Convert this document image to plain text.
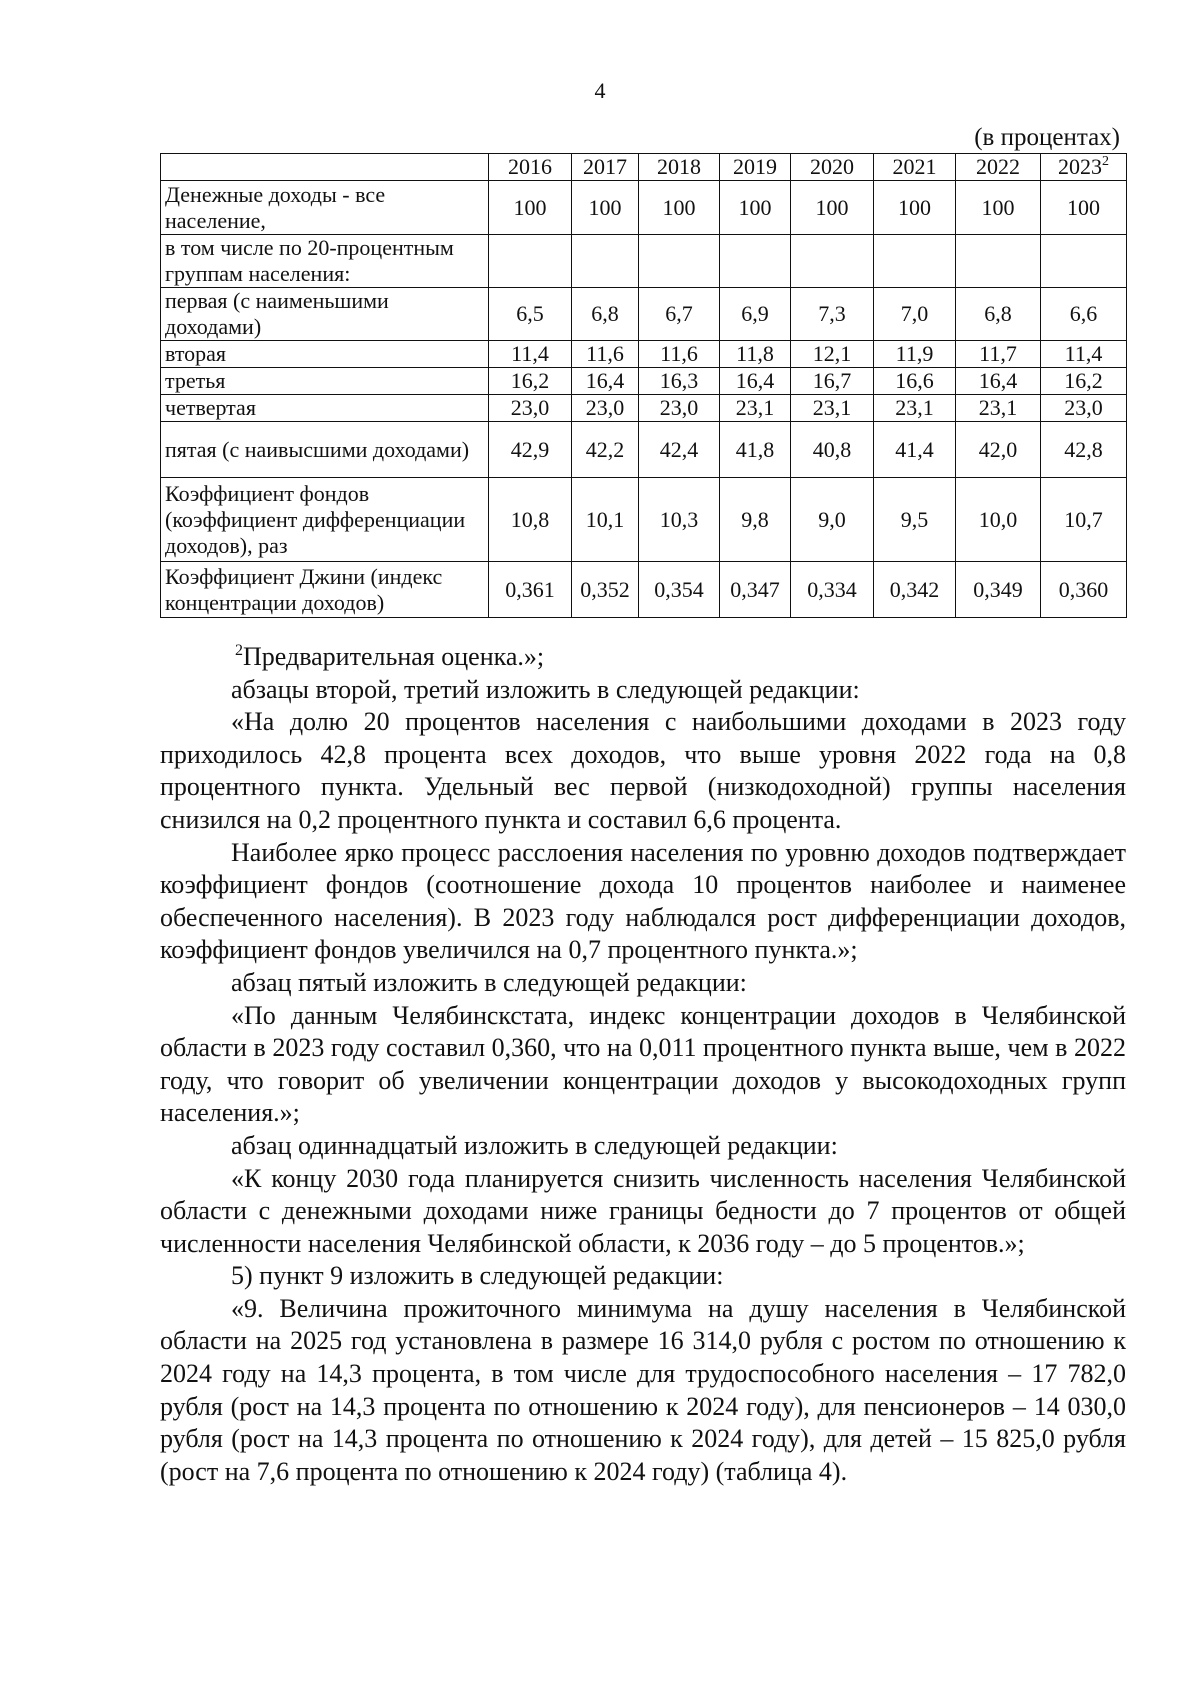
4
(в процентах)
	2016	2017	2018	2019	2020	2021	2022	2023$^2$
Денежные доходы - все население,	100	100	100	100	100	100	100	100
в том числе по 20-процентным группам населения:								
первая (с наименьшими доходами)	6,5	6,8	6,7	6,9	7,3	7,0	6,8	6,6
вторая	11,4	11,6	11,6	11,8	12,1	11,9	11,7	11,4
третья	16,2	16,4	16,3	16,4	16,7	16,6	16,4	16,2
четвертая	23,0	23,0	23,0	23,1	23,1	23,1	23,1	23,0
пятая (с наивысшими доходами)	42,9	42,2	42,4	41,8	40,8	41,4	42,0	42,8
Коэффициент фондов (коэффициент дифференциации доходов), раз	10,8	10,1	10,3	9,8	9,0	9,5	10,0	10,7
Коэффициент Джини (индекс концентрации доходов)	0,361	0,352	0,354	0,347	0,334	0,342	0,349	0,360

$^2$Предварительная оценка.»;

абзацы второй, третий изложить в следующей редакции:

«На долю 20 процентов населения с наибольшими доходами в 2023 году приходилось 42,8 процента всех доходов, что выше уровня 2022 года на 0,8 процентного пункта. Удельный вес первой (низкодоходной) группы населения снизился на 0,2 процентного пункта и составил 6,6 процента.

Наиболее ярко процесс расслоения населения по уровню доходов подтверждает коэффициент фондов (соотношение дохода 10 процентов наиболее и наименее обеспеченного населения). В 2023 году наблюдался рост дифференциации доходов, коэффициент фондов увеличился на 0,7 процентного пункта.»;

абзац пятый изложить в следующей редакции:

«По данным Челябинскстата, индекс концентрации доходов в Челябинской области в 2023 году составил 0,360, что на 0,011 процентного пункта выше, чем в 2022 году, что говорит об увеличении концентрации доходов у высокодоходных групп населения.»;

абзац одиннадцатый изложить в следующей редакции:

«К концу 2030 года планируется снизить численность населения Челябинской области с денежными доходами ниже границы бедности до 7 процентов от общей численности населения Челябинской области, к 2036 году – до 5 процентов.»;

5) пункт 9 изложить в следующей редакции:

«9. Величина прожиточного минимума на душу населения в Челябинской области на 2025 год установлена в размере 16 314,0 рубля с ростом по отношению к 2024 году на 14,3 процента, в том числе для трудоспособного населения – 17 782,0 рубля (рост на 14,3 процента по отношению к 2024 году), для пенсионеров – 14 030,0 рубля (рост на 14,3 процента по отношению к 2024 году), для детей – 15 825,0 рубля (рост на 7,6 процента по отношению к 2024 году) (таблица 4).
